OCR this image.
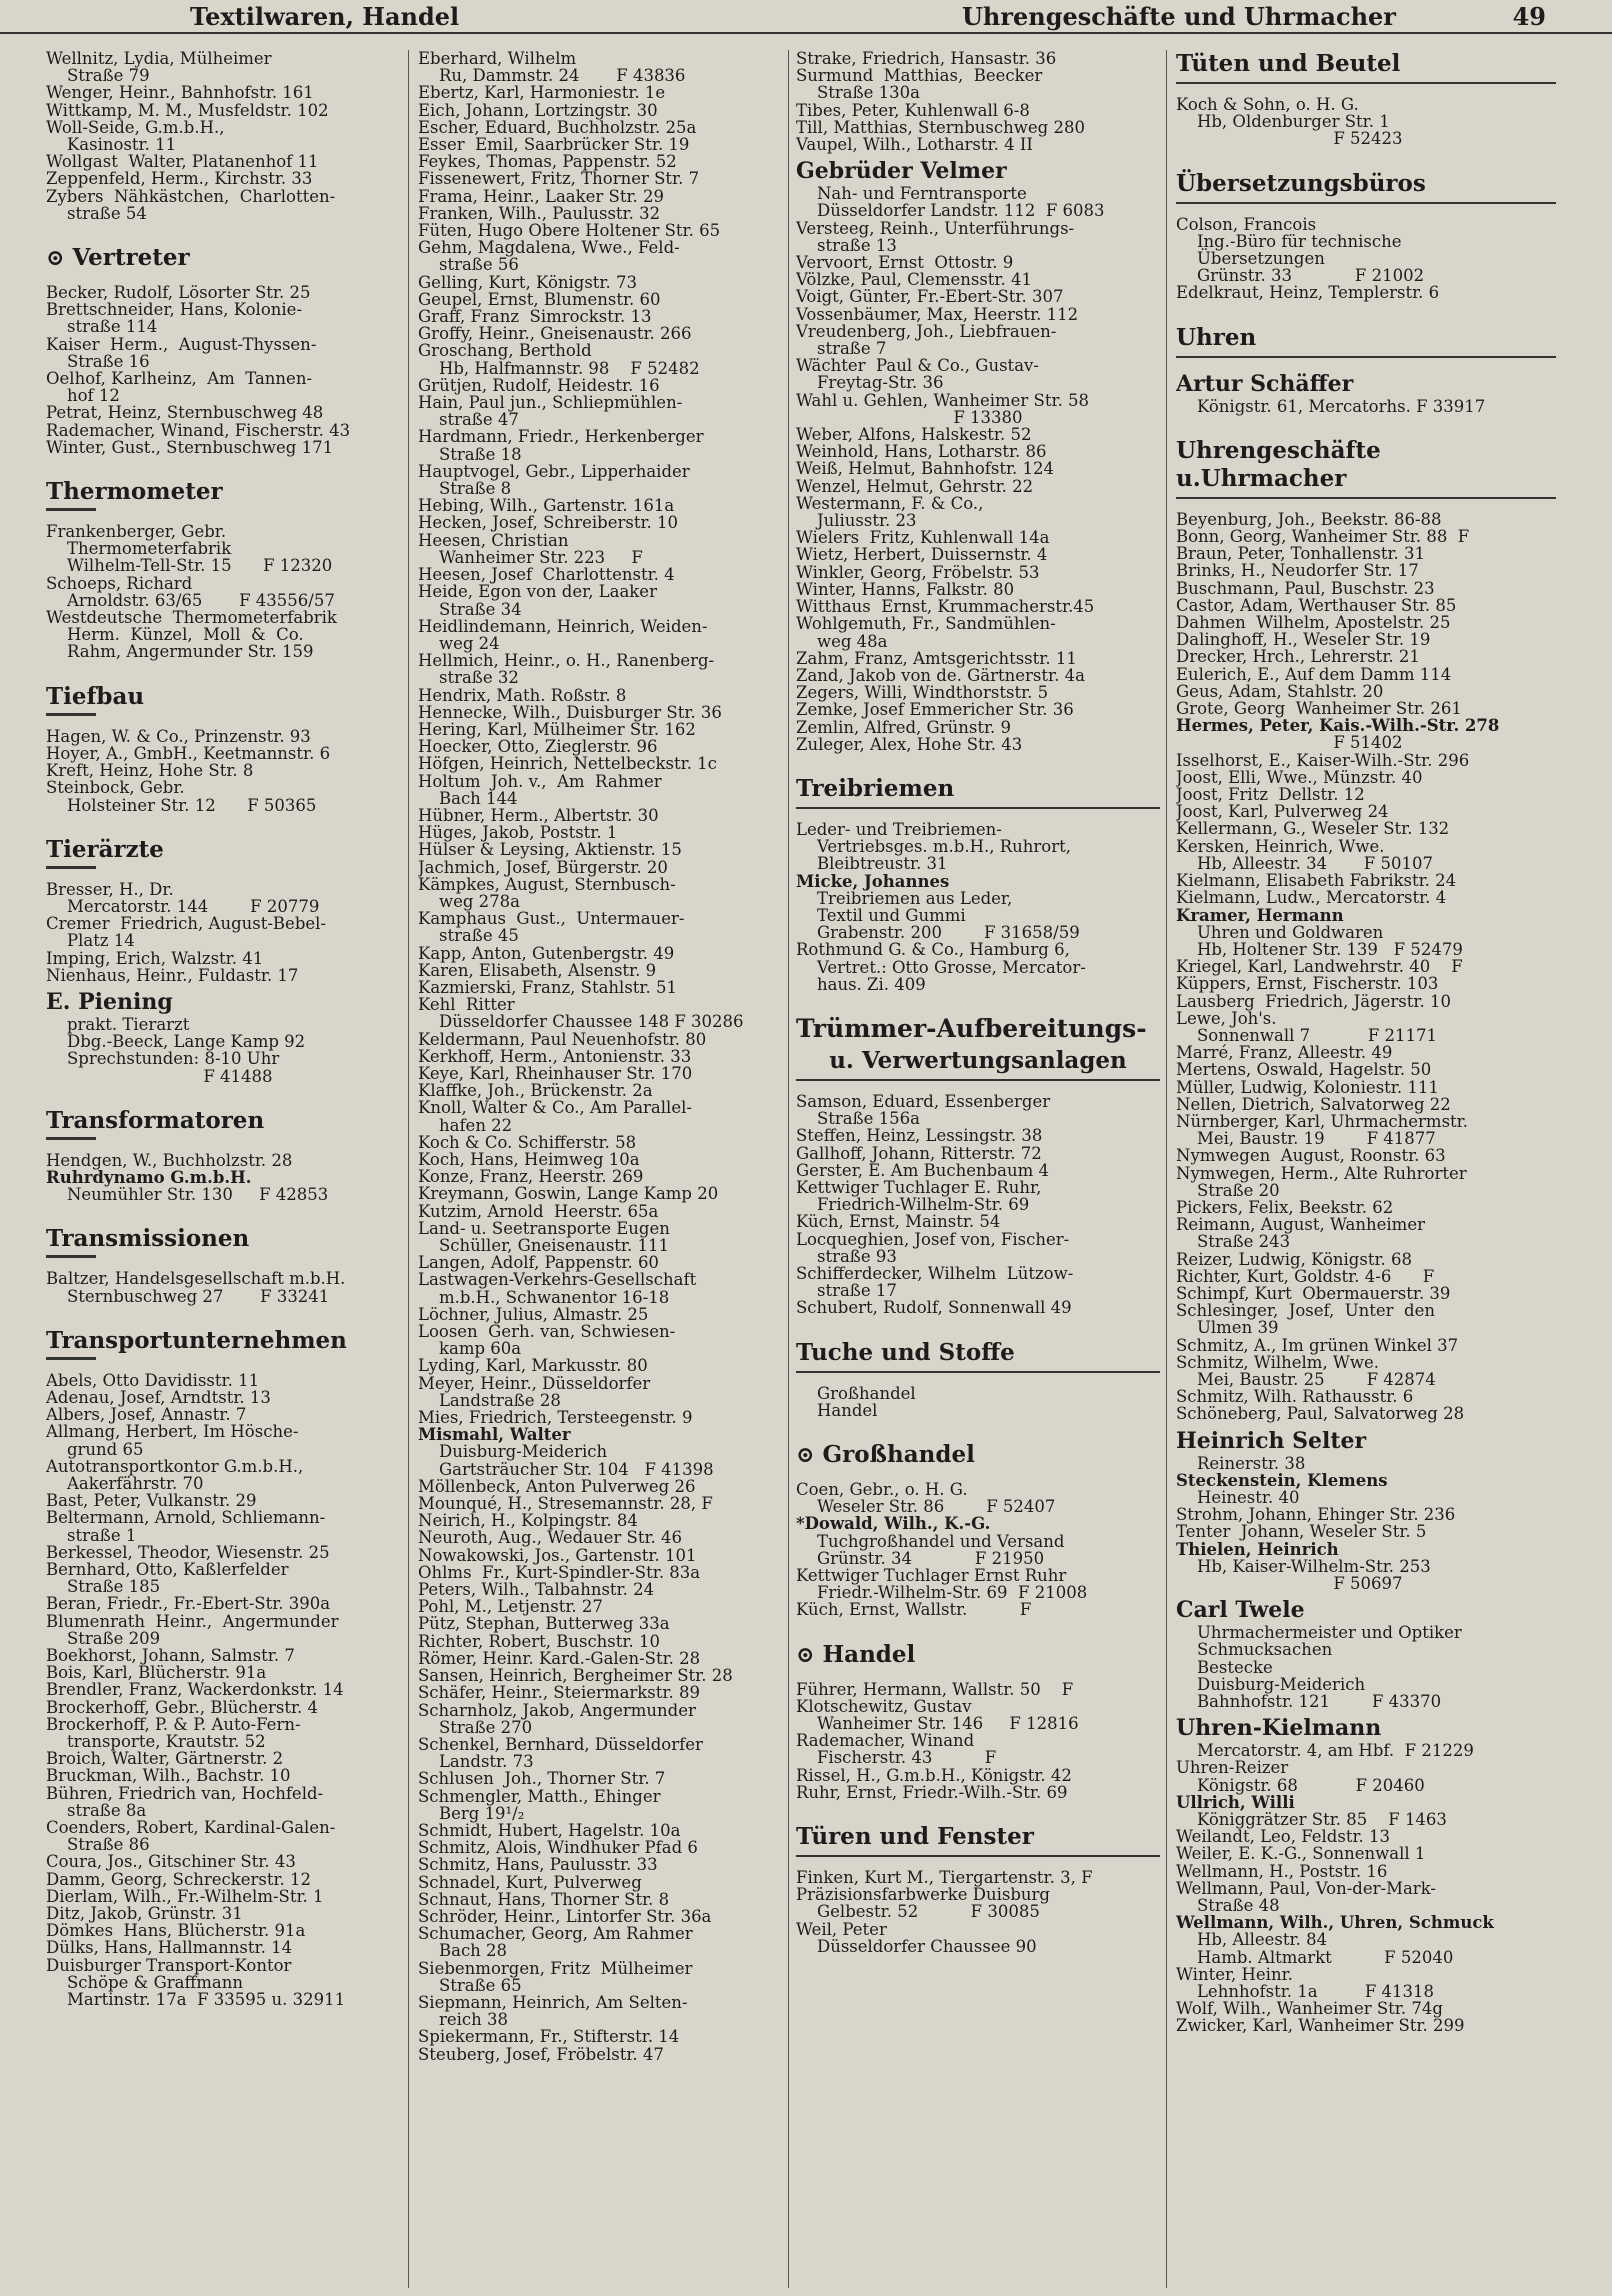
Textilwaren, Handel	Uhrengeschäfte und Uhrmacher	49
Wellnitz, Lydia, Mülheimer
Straße 79
Wenger, Heinr., Bahnhofstr. 161
Wittkamp, M. M., Musfeldstr. 102
Woll-Seide, G.m.b.H.,
Kasinostr. 11
Wollgast  Walter, Platanenhof 11
Zeppenfeld, Herm., Kirchstr. 33
Zybers  Nähkästchen,  Charlotten-
straße 54
⊙ Vertreter
Becker, Rudolf, Lösorter Str. 25
Brettschneider, Hans, Kolonie-
straße 114
Kaiser  Herm.,  August-Thyssen-
Straße 16
Oelhof, Karlheinz,  Am  Tannen-
hof 12
Petrat, Heinz, Sternbuschweg 48
Rademacher, Winand, Fischerstr. 43
Winter, Gust., Sternbuschweg 171
Thermometer
Frankenberger, Gebr.
Thermometerfabrik
Wilhelm-Tell-Str. 15      F 12320
Schoeps, Richard
Arnoldstr. 63/65       F 43556/57
Westdeutsche  Thermometerfabrik
Herm.  Künzel,  Moll  &  Co.
Rahm, Angermunder Str. 159
Tiefbau
Hagen, W. & Co., Prinzenstr. 93
Hoyer, A., GmbH., Keetmannstr. 6
Kreft, Heinz, Hohe Str. 8
Steinbock, Gebr.
Holsteiner Str. 12      F 50365
Tierärzte
Bresser, H., Dr.
Mercatorstr. 144        F 20779
Cremer  Friedrich, August-Bebel-
Platz 14
Imping, Erich, Walzstr. 41
Nienhaus, Heinr., Fuldastr. 17
E. Piening
prakt. Tierarzt
Dbg.-Beeck, Lange Kamp 92
Sprechstunden: 8-10 Uhr
F 41488
Transformatoren
Hendgen, W., Buchholzstr. 28
Ruhrdynamo G.m.b.H.
Neumühler Str. 130     F 42853
Transmissionen
Baltzer, Handelsgesellschaft m.b.H.
Sternbuschweg 27       F 33241
Transportunternehmen
Abels, Otto Davidisstr. 11
Adenau, Josef, Arndtstr. 13
Albers, Josef, Annastr. 7
Allmang, Herbert, Im Hösche-
grund 65
Autotransportkontor G.m.b.H.,
Aakerfährstr. 70
Bast, Peter, Vulkanstr. 29
Beltermann, Arnold, Schliemann-
straße 1
Berkessel, Theodor, Wiesenstr. 25
Bernhard, Otto, Kaßlerfelder
Straße 185
Beran, Friedr., Fr.-Ebert-Str. 390a
Blumenrath  Heinr.,  Angermunder
Straße 209
Boekhorst, Johann, Salmstr. 7
Bois, Karl, Blücherstr. 91a
Brendler, Franz, Wackerdonkstr. 14
Brockerhoff, Gebr., Blücherstr. 4
Brockerhoff, P. & P. Auto-Fern-
transporte, Krautstr. 52
Broich, Walter, Gärtnerstr. 2
Bruckman, Wilh., Bachstr. 10
Bühren, Friedrich van, Hochfeld-
straße 8a
Coenders, Robert, Kardinal-Galen-
Straße 86
Coura, Jos., Gitschiner Str. 43
Damm, Georg, Schreckerstr. 12
Dierlam, Wilh., Fr.-Wilhelm-Str. 1
Ditz, Jakob, Grünstr. 31
Dömkes  Hans, Blücherstr. 91a
Dülks, Hans, Hallmannstr. 14
Duisburger Transport-Kontor
Schöpe & Graffmann
Martinstr. 17a  F 33595 u. 32911
Eberhard, Wilhelm
Ru, Dammstr. 24       F 43836
Ebertz, Karl, Harmoniestr. 1e
Eich, Johann, Lortzingstr. 30
Escher, Eduard, Buchholzstr. 25a
Esser  Emil, Saarbrücker Str. 19
Feykes, Thomas, Pappenstr. 52
Fissenewert, Fritz, Thorner Str. 7
Frama, Heinr., Laaker Str. 29
Franken, Wilh., Paulusstr. 32
Füten, Hugo Obere Holtener Str. 65
Gehm, Magdalena, Wwe., Feld-
straße 56
Gelling, Kurt, Königstr. 73
Geupel, Ernst, Blumenstr. 60
Graff, Franz  Simrockstr. 13
Groffy, Heinr., Gneisenaustr. 266
Groschang, Berthold
Hb, Halfmannstr. 98    F 52482
Grütjen, Rudolf, Heidestr. 16
Hain, Paul jun., Schliepmühlen-
straße 47
Hardmann, Friedr., Herkenberger
Straße 18
Hauptvogel, Gebr., Lipperhaider
Straße 8
Hebing, Wilh., Gartenstr. 161a
Hecken, Josef, Schreiberstr. 10
Heesen, Christian
Wanheimer Str. 223     F
Heesen, Josef  Charlottenstr. 4
Heide, Egon von der, Laaker
Straße 34
Heidlindemann, Heinrich, Weiden-
weg 24
Hellmich, Heinr., o. H., Ranenberg-
straße 32
Hendrix, Math. Roßstr. 8
Hennecke, Wilh., Duisburger Str. 36
Hering, Karl, Mülheimer Str. 162
Hoecker, Otto, Zieglerstr. 96
Höfgen, Heinrich, Nettelbeckstr. 1c
Holtum  Joh. v.,  Am  Rahmer
Bach 144
Hübner, Herm., Albertstr. 30
Hüges, Jakob, Poststr. 1
Hülser & Leysing, Aktienstr. 15
Jachmich, Josef, Bürgerstr. 20
Kämpkes, August, Sternbusch-
weg 278a
Kamphaus  Gust.,  Untermauer-
straße 45
Kapp, Anton, Gutenbergstr. 49
Karen, Elisabeth, Alsenstr. 9
Kazmierski, Franz, Stahlstr. 51
Kehl  Ritter
Düsseldorfer Chaussee 148 F 30286
Keldermann, Paul Neuenhofstr. 80
Kerkhoff, Herm., Antonienstr. 33
Keye, Karl, Rheinhauser Str. 170
Klaffke, Joh., Brückenstr. 2a
Knoll, Walter & Co., Am Parallel-
hafen 22
Koch & Co. Schifferstr. 58
Koch, Hans, Heimweg 10a
Konze, Franz, Heerstr. 269
Kreymann, Goswin, Lange Kamp 20
Kutzim, Arnold  Heerstr. 65a
Land- u. Seetransporte Eugen
Schüller, Gneisenaustr. 111
Langen, Adolf, Pappenstr. 60
Lastwagen-Verkehrs-Gesellschaft
m.b.H., Schwanentor 16-18
Löchner, Julius, Almastr. 25
Loosen  Gerh. van, Schwiesen-
kamp 60a
Lyding, Karl, Markusstr. 80
Meyer, Heinr., Düsseldorfer
Landstraße 28
Mies, Friedrich, Tersteegenstr. 9
Mismahl, Walter
Duisburg-Meiderich
Gartsträucher Str. 104   F 41398
Möllenbeck, Anton Pulverweg 26
Mounqué, H., Stresemannstr. 28, F
Neirich, H., Kolpingstr. 84
Neuroth, Aug., Wedauer Str. 46
Nowakowski, Jos., Gartenstr. 101
Ohlms  Fr., Kurt-Spindler-Str. 83a
Peters, Wilh., Talbahnstr. 24
Pohl, M., Letjenstr. 27
Pütz, Stephan, Butterweg 33a
Richter, Robert, Buschstr. 10
Römer, Heinr. Kard.-Galen-Str. 28
Sansen, Heinrich, Bergheimer Str. 28
Schäfer, Heinr., Steiermarkstr. 89
Scharnholz, Jakob, Angermunder
Straße 270
Schenkel, Bernhard, Düsseldorfer
Landstr. 73
Schlusen  Joh., Thorner Str. 7
Schmengler, Matth., Ehinger
Berg 19¹/₂
Schmidt, Hubert, Hagelstr. 10a
Schmitz, Alois, Windhuker Pfad 6
Schmitz, Hans, Paulusstr. 33
Schnadel, Kurt, Pulverweg
Schnaut, Hans, Thorner Str. 8
Schröder, Heinr., Lintorfer Str. 36a
Schumacher, Georg, Am Rahmer
Bach 28
Siebenmorgen, Fritz  Mülheimer
Straße 65
Siepmann, Heinrich, Am Selten-
reich 38
Spiekermann, Fr., Stifterstr. 14
Steuberg, Josef, Fröbelstr. 47
Strake, Friedrich, Hansastr. 36
Surmund  Matthias,  Beecker
Straße 130a
Tibes, Peter, Kuhlenwall 6-8
Till, Matthias, Sternbuschweg 280
Vaupel, Wilh., Lotharstr. 4 II
Gebrüder Velmer
Nah- und Ferntransporte
Düsseldorfer Landstr. 112  F 6083
Versteeg, Reinh., Unterführungs-
straße 13
Vervoort, Ernst  Ottostr. 9
Völzke, Paul, Clemensstr. 41
Voigt, Günter, Fr.-Ebert-Str. 307
Vossenbäumer, Max, Heerstr. 112
Vreudenberg, Joh., Liebfrauen-
straße 7
Wächter  Paul & Co., Gustav-
Freytag-Str. 36
Wahl u. Gehlen, Wanheimer Str. 58
F 13380
Weber, Alfons, Halskestr. 52
Weinhold, Hans, Lotharstr. 86
Weiß, Helmut, Bahnhofstr. 124
Wenzel, Helmut, Gehrstr. 22
Westermann, F. & Co.,
Juliusstr. 23
Wielers  Fritz, Kuhlenwall 14a
Wietz, Herbert, Duissernstr. 4
Winkler, Georg, Fröbelstr. 53
Winter, Hanns, Falkstr. 80
Witthaus  Ernst, Krummacherstr.45
Wohlgemuth, Fr., Sandmühlen-
weg 48a
Zahm, Franz, Amtsgerichtsstr. 11
Zand, Jakob von de. Gärtnerstr. 4a
Zegers, Willi, Windthorststr. 5
Zemke, Josef Emmericher Str. 36
Zemlin, Alfred, Grünstr. 9
Zuleger, Alex, Hohe Str. 43
Treibriemen
Leder- und Treibriemen-
Vertriebsges. m.b.H., Ruhrort,
Bleibtreustr. 31
Micke, Johannes
Treibriemen aus Leder,
Textil und Gummi
Grabenstr. 200        F 31658/59
Rothmund G. & Co., Hamburg 6,
Vertret.: Otto Grosse, Mercator-
haus. Zi. 409
Trümmer-Aufbereitungs-
u. Verwertungsanlagen
Samson, Eduard, Essenberger
Straße 156a
Steffen, Heinz, Lessingstr. 38
Gallhoff, Johann, Ritterstr. 72
Gerster, E. Am Buchenbaum 4
Kettwiger Tuchlager E. Ruhr,
Friedrich-Wilhelm-Str. 69
Küch, Ernst, Mainstr. 54
Locqueghien, Josef von, Fischer-
straße 93
Schifferdecker, Wilhelm  Lützow-
straße 17
Schubert, Rudolf, Sonnenwall 49
Tuche und Stoffe
Großhandel
Handel
⊙ Großhandel
Coen, Gebr., o. H. G.
Weseler Str. 86        F 52407
*Dowald, Wilh., K.-G.
Tuchgroßhandel und Versand
Grünstr. 34            F 21950
Kettwiger Tuchlager Ernst Ruhr
Friedr.-Wilhelm-Str. 69  F 21008
Küch, Ernst, Wallstr.          F
⊙ Handel
Führer, Hermann, Wallstr. 50    F
Klotschewitz, Gustav
Wanheimer Str. 146     F 12816
Rademacher, Winand
Fischerstr. 43          F
Rissel, H., G.m.b.H., Königstr. 42
Ruhr, Ernst, Friedr.-Wilh.-Str. 69
Türen und Fenster
Finken, Kurt M., Tiergartenstr. 3, F
Präzisionsfarbwerke Duisburg
Gelbestr. 52          F 30085
Weil, Peter
Düsseldorfer Chaussee 90
Tüten und Beutel
Koch & Sohn, o. H. G.
Hb, Oldenburger Str. 1
F 52423
Übersetzungsbüros
Colson, Francois
Ing.-Büro für technische
Übersetzungen
Grünstr. 33            F 21002
Edelkraut, Heinz, Templerstr. 6
Uhren
Artur Schäffer
Königstr. 61, Mercatorhs. F 33917
Uhrengeschäfte u.Uhrmacher
Beyenburg, Joh., Beekstr. 86-88
Bonn, Georg, Wanheimer Str. 88  F
Braun, Peter, Tonhallenstr. 31
Brinks, H., Neudorfer Str. 17
Buschmann, Paul, Buschstr. 23
Castor, Adam, Werthauser Str. 85
Dahmen  Wilhelm, Apostelstr. 25
Dalinghoff, H., Weseler Str. 19
Drecker, Hrch., Lehrerstr. 21
Eulerich, E., Auf dem Damm 114
Geus, Adam, Stahlstr. 20
Grote, Georg  Wanheimer Str. 261
Hermes, Peter, Kais.-Wilh.-Str. 278
F 51402
Isselhorst, E., Kaiser-Wilh.-Str. 296
Joost, Elli, Wwe., Münzstr. 40
Joost, Fritz  Dellstr. 12
Joost, Karl, Pulverweg 24
Kellermann, G., Weseler Str. 132
Kersken, Heinrich, Wwe.
Hb, Alleestr. 34       F 50107
Kielmann, Elisabeth Fabrikstr. 24
Kielmann, Ludw., Mercatorstr. 4
Kramer, Hermann
Uhren und Goldwaren
Hb, Holtener Str. 139   F 52479
Kriegel, Karl, Landwehrstr. 40    F
Küppers, Ernst, Fischerstr. 103
Lausberg  Friedrich, Jägerstr. 10
Lewe, Joh's.
Sonnenwall 7           F 21171
Marré, Franz, Alleestr. 49
Mertens, Oswald, Hagelstr. 50
Müller, Ludwig, Koloniestr. 111
Nellen, Dietrich, Salvatorweg 22
Nürnberger, Karl, Uhrmachermstr.
Mei, Baustr. 19        F 41877
Nymwegen  August, Roonstr. 63
Nymwegen, Herm., Alte Ruhrorter
Straße 20
Pickers, Felix, Beekstr. 62
Reimann, August, Wanheimer
Straße 243
Reizer, Ludwig, Königstr. 68
Richter, Kurt, Goldstr. 4-6      F
Schimpf, Kurt  Obermauerstr. 39
Schlesinger,  Josef,  Unter  den
Ulmen 39
Schmitz, A., Im grünen Winkel 37
Schmitz, Wilhelm, Wwe.
Mei, Baustr. 25        F 42874
Schmitz, Wilh. Rathausstr. 6
Schöneberg, Paul, Salvatorweg 28
Heinrich Selter
Reinerstr. 38
Steckenstein, Klemens
Heinestr. 40
Strohm, Johann, Ehinger Str. 236
Tenter  Johann, Weseler Str. 5
Thielen, Heinrich
Hb, Kaiser-Wilhelm-Str. 253
F 50697
Carl Twele
Uhrmachermeister und Optiker
Schmucksachen
Bestecke
Duisburg-Meiderich
Bahnhofstr. 121        F 43370
Uhren-Kielmann
Mercatorstr. 4, am Hbf.  F 21229
Uhren-Reizer
Königstr. 68           F 20460
Ullrich, Willi
Königgrätzer Str. 85    F 1463
Weilandt, Leo, Feldstr. 13
Weiler, E. K.-G., Sonnenwall 1
Wellmann, H., Poststr. 16
Wellmann, Paul, Von-der-Mark-
Straße 48
Wellmann, Wilh., Uhren, Schmuck
Hb, Alleestr. 84
Hamb. Altmarkt          F 52040
Winter, Heinr.
Lehnhofstr. 1a         F 41318
Wolf, Wilh., Wanheimer Str. 74g
Zwicker, Karl, Wanheimer Str. 299
